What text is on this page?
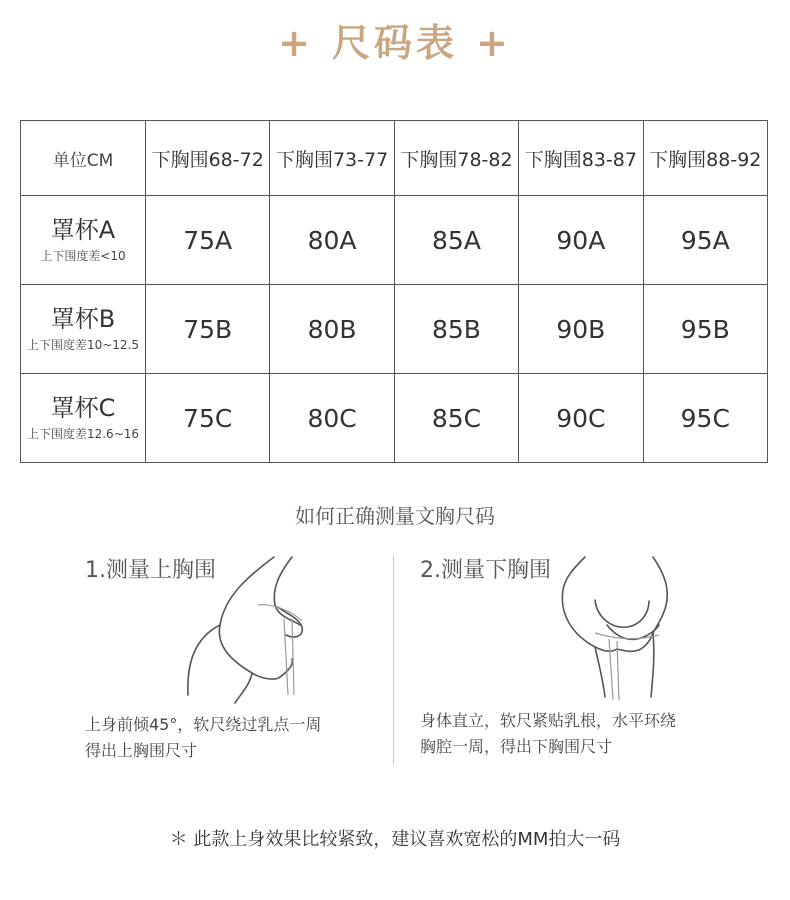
+ 尺码表 +
单位CM	下胸围68-72	下胸围73-77	下胸围78-82	下胸围83-87	下胸围88-92
罩杯A
上下围度差<10	75A	80A	85A	90A	95A
罩杯B
上下围度差10~12.5	75B	80B	85B	90B	95B
罩杯C
上下围度差12.6~16	75C	80C	85C	90C	95C
如何正确测量文胸尺码
1.测量上胸围	2.测量下胸围
上身前倾45°，软尺绕过乳点一周
得出上胸围尺寸
身体直立，软尺紧贴乳根，水平环绕
胸腔一周，得出下胸围尺寸
＊ 此款上身效果比较紧致，建议喜欢宽松的MM拍大一码
